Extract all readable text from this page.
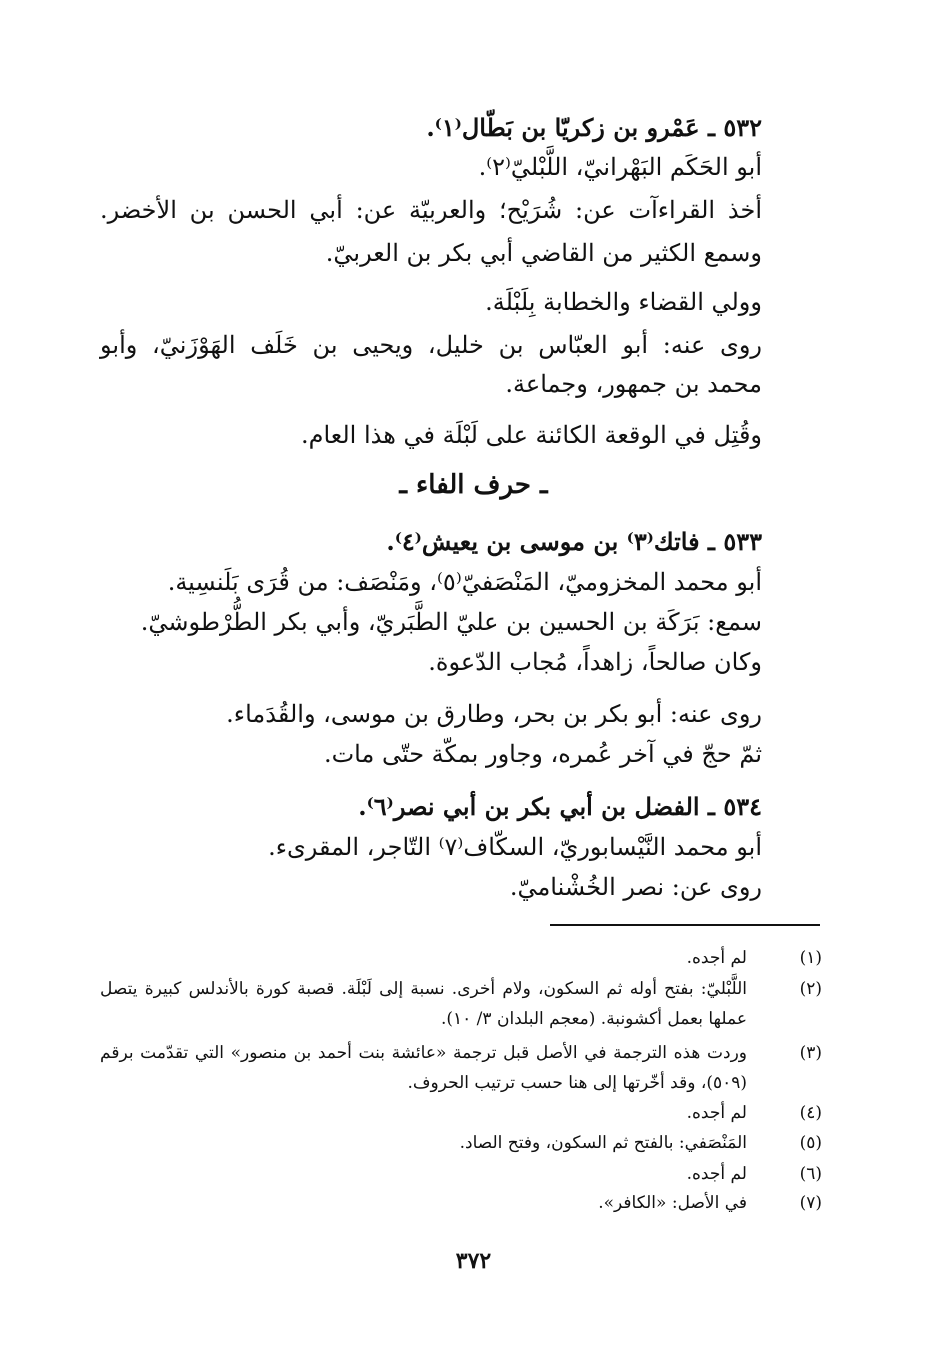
٥٣٢ ـ عَمْرو بن زكريّا بن بَطّال⁽١⁾.
أبو الحَكَم البَهْرانيّ، اللَّبْليّ⁽٢⁾.
أخذ القراءآت عن: شُرَيْح؛ والعربيّة عن: أبي الحسن بن الأخضر.
وسمع الكثير من القاضي أبي بكر بن العربيّ.
وولي القضاء والخطابة بِلَبْلَة.
روى عنه: أبو العبّاس بن خليل، ويحيى بن خَلَف الهَوْزَنيّ، وأبو
محمد بن جمهور، وجماعة.
وقُتِل في الوقعة الكائنة على لَبْلَة في هذا العام.
ـ حرف الفاء ـ
٥٣٣ ـ فاتك⁽٣⁾ بن موسى بن يعيش⁽٤⁾.
أبو محمد المخزوميّ، المَنْصَفيّ⁽٥⁾، ومَنْصَف: من قُرَى بَلَنسِية.
سمع: بَرَكَة بن الحسين بن عليّ الطَّبَريّ، وأبي بكر الطُّرْطوشيّ.
وكان صالحاً، زاهداً، مُجاب الدّعوة.
روى عنه: أبو بكر بن بحر، وطارق بن موسى، والقُدَماء.
ثمّ حجّ في آخر عُمره، وجاور بمكّة حتّى مات.
٥٣٤ ـ الفضل بن أبي بكر بن أبي نصر⁽٦⁾.
أبو محمد النَّيْسابوريّ، السكّاف⁽٧⁾ التّاجر، المقرىء.
روى عن: نصر الخُشْناميّ.
(١)
لم أجده.
(٢)
اللَّبْليّ: بفتح أوله ثم السكون، ولام أخرى. نسبة إلى لَبْلَة. قصبة كورة بالأندلس كبيرة يتصل
عملها بعمل أكشونبة. (معجم البلدان ٣/ ١٠).
(٣)
وردت هذه الترجمة في الأصل قبل ترجمة «عائشة بنت أحمد بن منصور» التي تقدّمت برقم
(٥٠٩)، وقد أخّرتها إلى هنا حسب ترتيب الحروف.
(٤)
لم أجده.
(٥)
المَنْصَفي: بالفتح ثم السكون، وفتح الصاد.
(٦)
لم أجده.
(٧)
في الأصل: «الكافر».
٣٧٢
